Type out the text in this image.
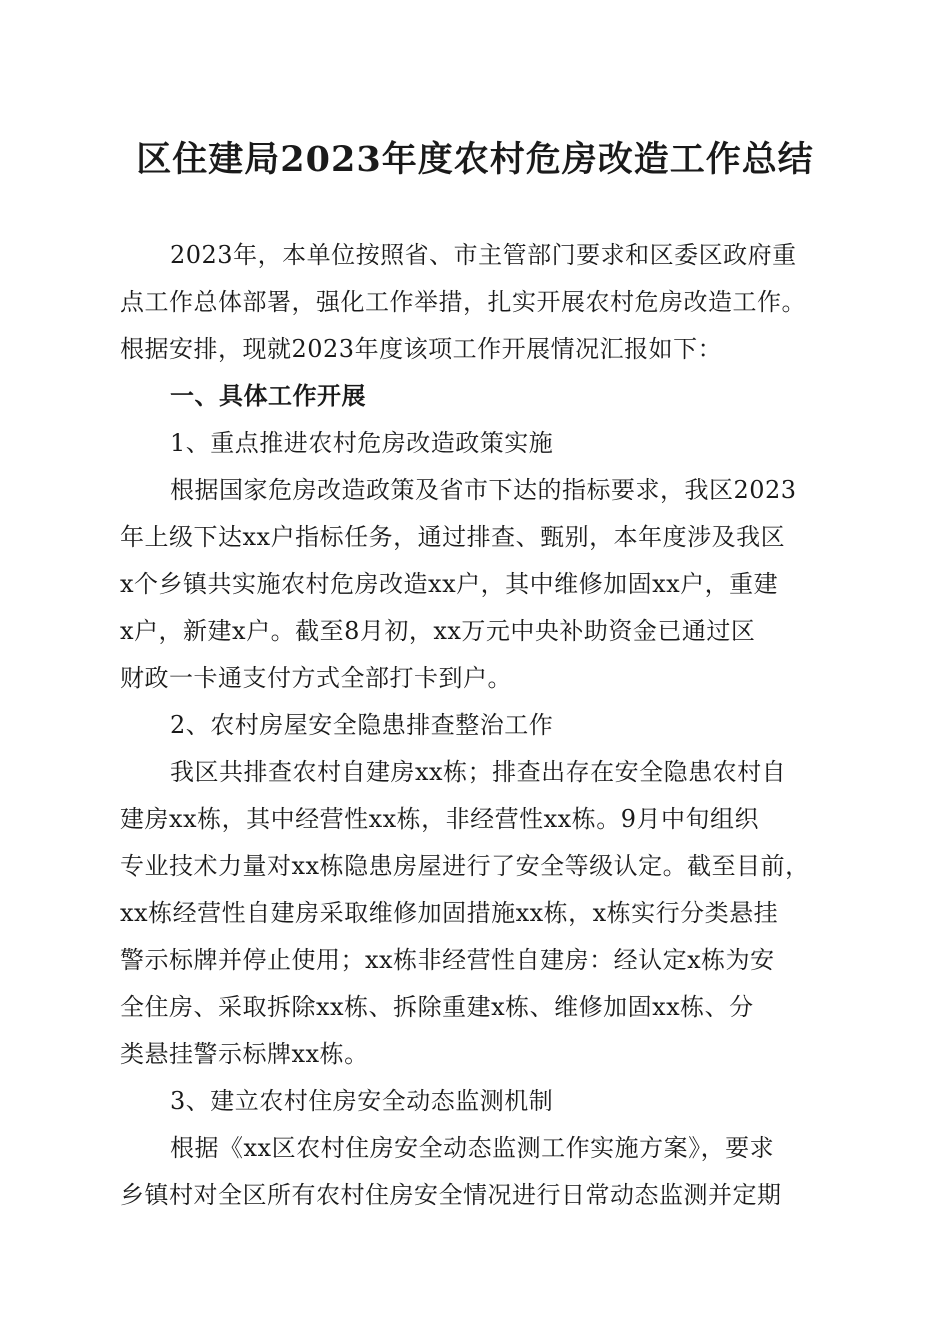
区住建局2023年度农村危房改造工作总结
2023年，本单位按照省、市主管部门要求和区委区政府重
点工作总体部署，强化工作举措，扎实开展农村危房改造工作。
根据安排，现就2023年度该项工作开展情况汇报如下：
一、具体工作开展
1、重点推进农村危房改造政策实施
根据国家危房改造政策及省市下达的指标要求，我区2023
年上级下达xx户指标任务，通过排查、甄别，本年度涉及我区
x个乡镇共实施农村危房改造xx户，其中维修加固xx户，重建
x户，新建x户。截至8月初，xx万元中央补助资金已通过区
财政一卡通支付方式全部打卡到户。
2、农村房屋安全隐患排查整治工作
我区共排查农村自建房xx栋；排查出存在安全隐患农村自
建房xx栋，其中经营性xx栋，非经营性xx栋。9月中旬组织
专业技术力量对xx栋隐患房屋进行了安全等级认定。截至目前，
xx栋经营性自建房采取维修加固措施xx栋，x栋实行分类悬挂
警示标牌并停止使用；xx栋非经营性自建房：经认定x栋为安
全住房、采取拆除xx栋、拆除重建x栋、维修加固xx栋、分
类悬挂警示标牌xx栋。
3、建立农村住房安全动态监测机制
根据《xx区农村住房安全动态监测工作实施方案》，要求
乡镇村对全区所有农村住房安全情况进行日常动态监测并定期
